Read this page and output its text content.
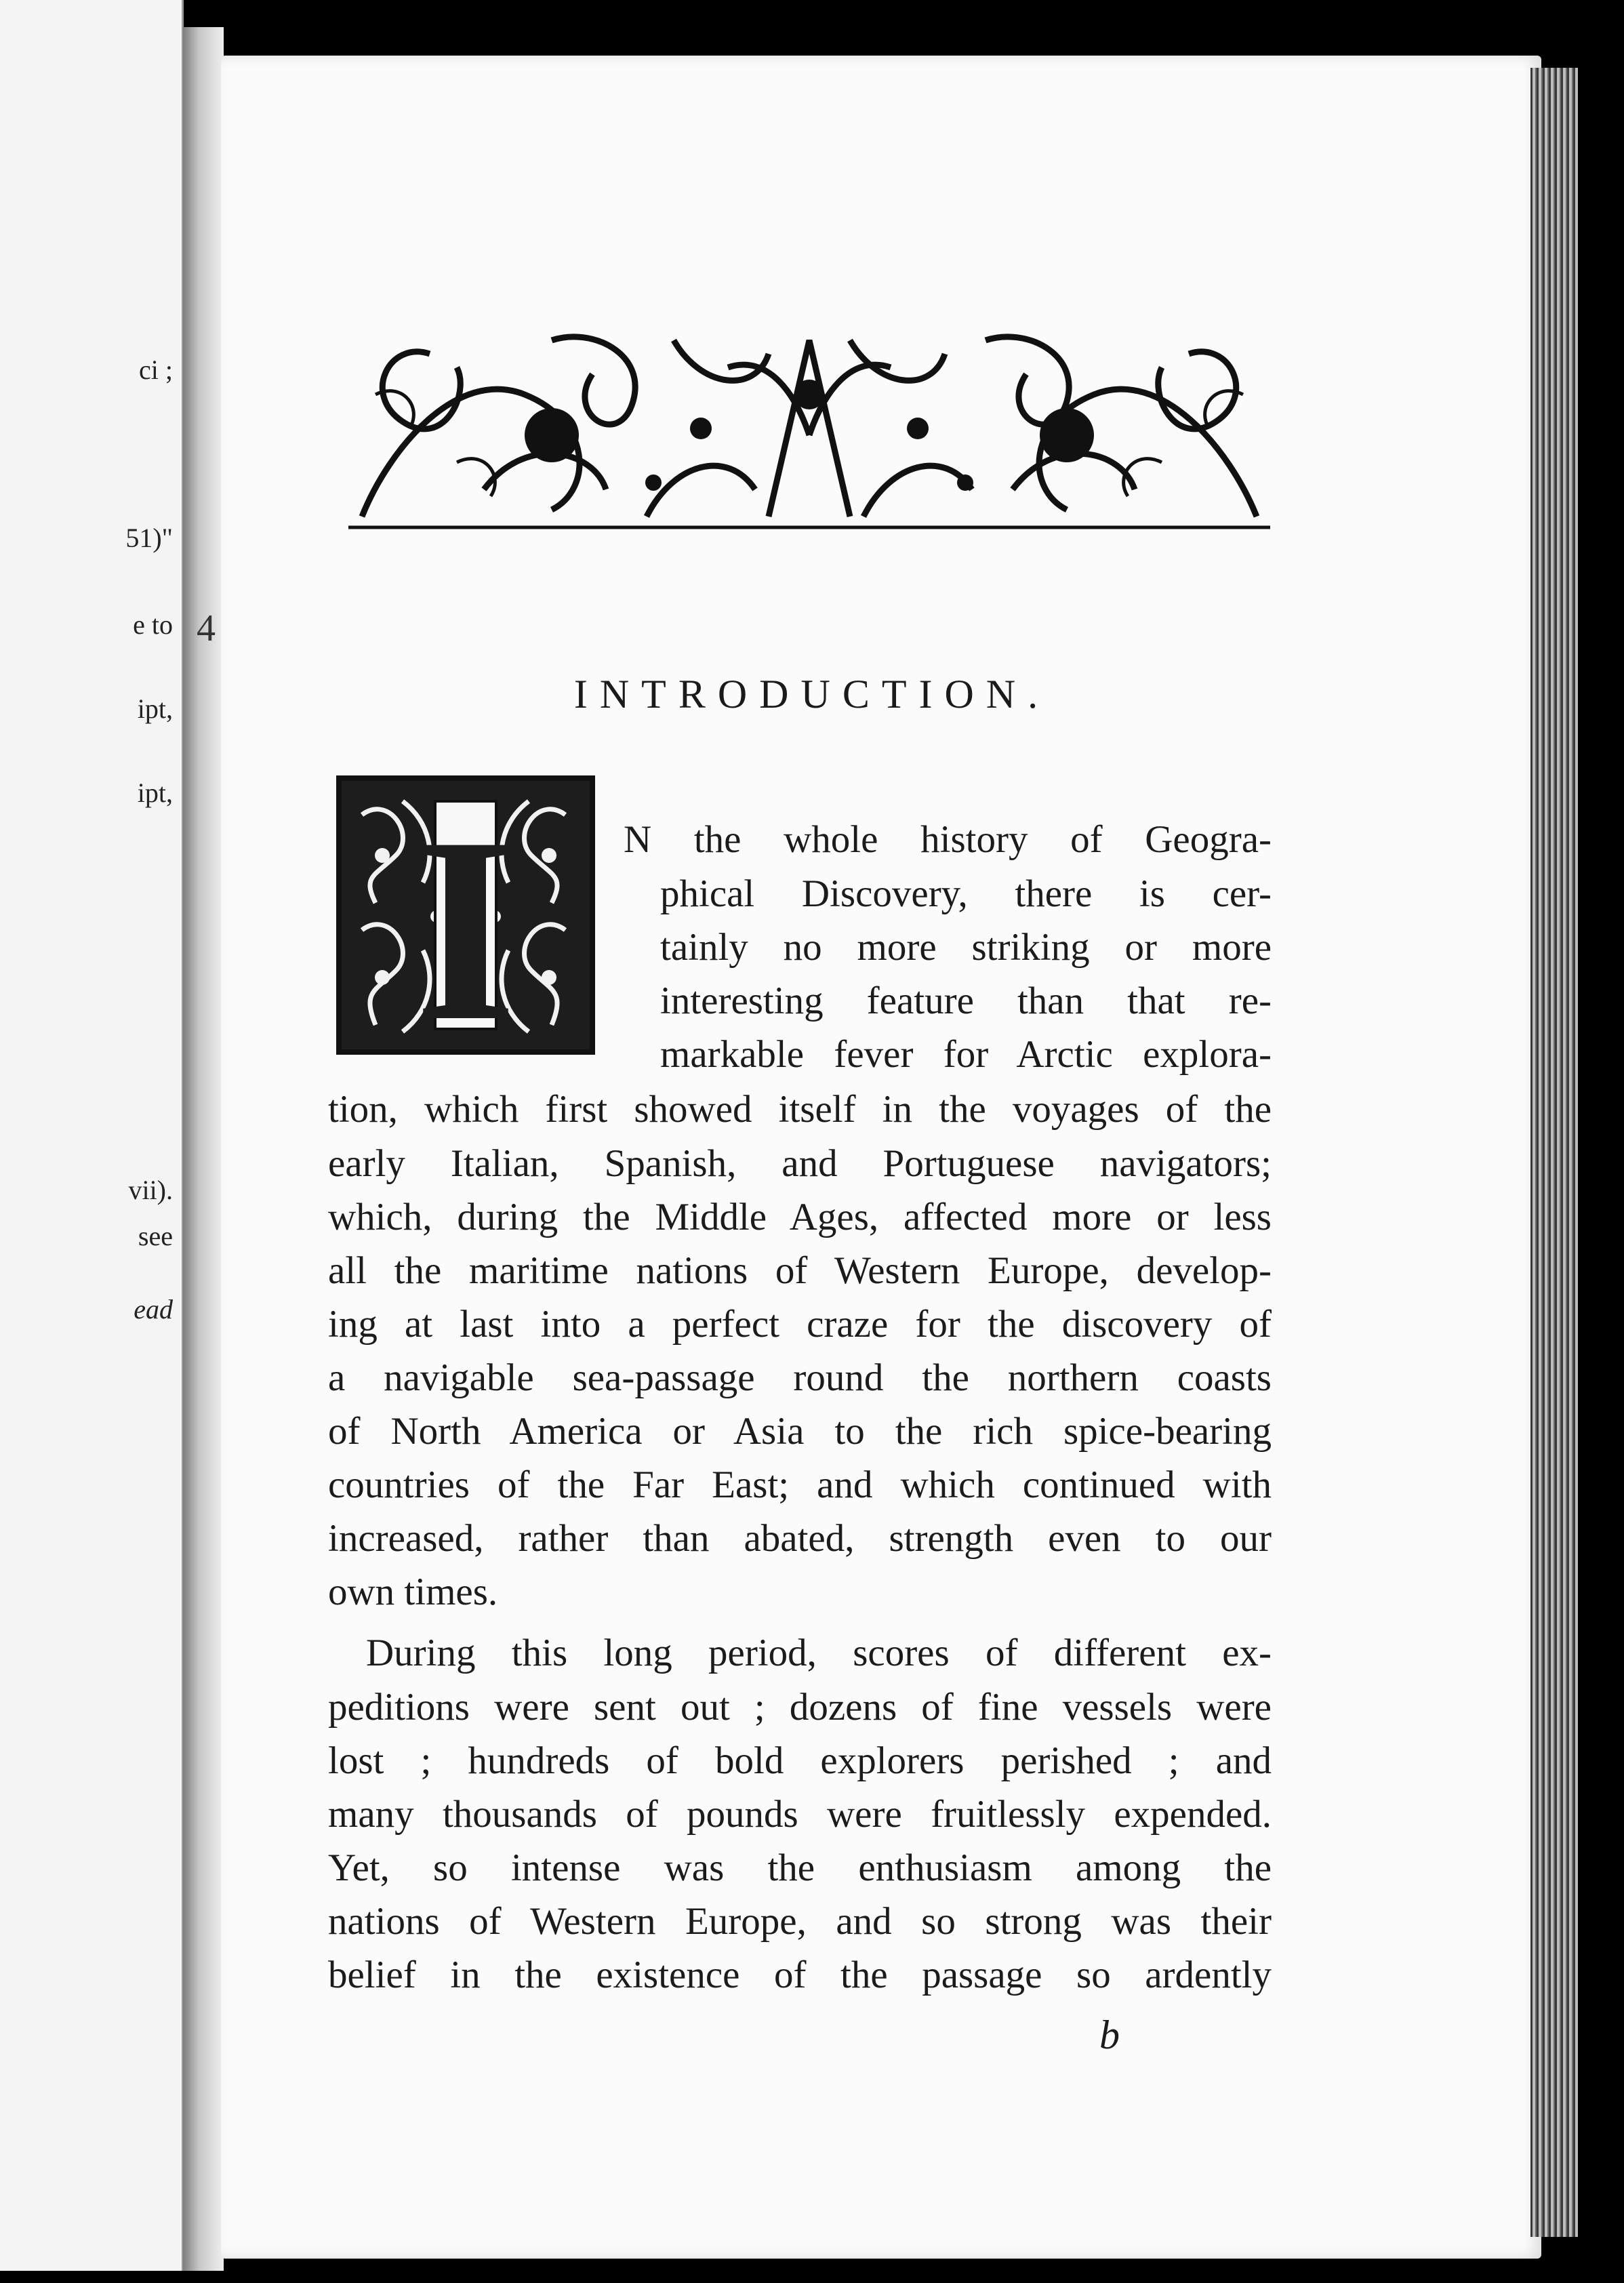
ci ;
51)"
e to
ipt,
ipt,
vii).
see
ead
4
INTRODUCTION.
I	N the whole history of Geogra-
phical Discovery, there is cer-
tainly no more striking or more
interesting feature than that re-
markable fever for Arctic explora-
tion, which first showed itself in the voyages of the
early Italian, Spanish, and Portuguese navigators;
which, during the Middle Ages, affected more or less
all the maritime nations of Western Europe, develop-
ing at last into a perfect craze for the discovery of
a navigable sea-passage round the northern coasts
of North America or Asia to the rich spice-bearing
countries of the Far East; and which continued with
increased, rather than abated, strength even to our
own times.
During this long period, scores of different ex-
peditions were sent out ; dozens of fine vessels were
lost ; hundreds of bold explorers perished ; and
many thousands of pounds were fruitlessly expended.
Yet, so intense was the enthusiasm among the
nations of Western Europe, and so strong was their
belief in the existence of the passage so ardently
b
